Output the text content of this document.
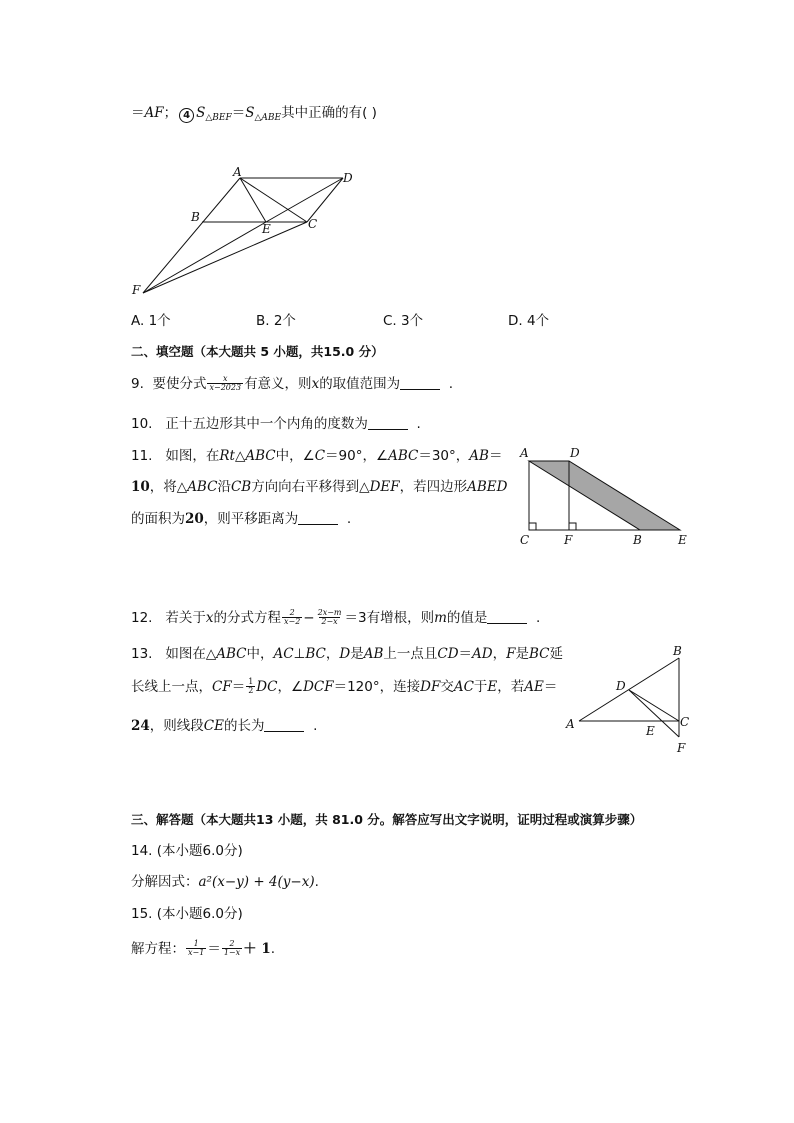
＝AF； 4 $S_{\triangle BEF}=S_{\triangle ABE}$其中正确的有( )
A	D
B
E	C
F
A. 1个	B. 2个	C. 3个	D. 4个
二、填空题（本大题共 5 小题，共15.0 分）
9. 要使分式 $\frac{x}{x-2023}$ 有意义，则x的取值范围为	.
10. 正十五边形其中一个内角的度数为	.
11. 如图，在Rt△ABC中，∠C＝90°，∠ABC＝30°，AB＝
10，将△ABC沿CB方向向右平移得到△DEF，若四边形ABED
的面积为20，则平移距离为	.
A	D
C	F	B	E
12. 若关于x的分式方程 $\frac{2}{x-2} - \frac{2x-m}{2-x} =3$有增根，则m的值是	.
13. 如图在△ABC中，AC⊥BC，D是AB上一点且CD＝AD，F是BC延
长线上一点，$CF= \frac{1}{2}$ DC，∠DCF＝120°，连接DF交AC于E，若AE＝
24，则线段CE的长为	.
B
D
A	C
E
F
三、解答题（本大题共13 小题，共 81.0 分。解答应写出文字说明，证明过程或演算步骤）
14. (本小题6.0分)
分解因式：a²(x−y) + 4(y−x).
15. (本小题6.0分)
解方程： $\frac{1}{x-1} = \frac{2}{1-x} + 1$.
